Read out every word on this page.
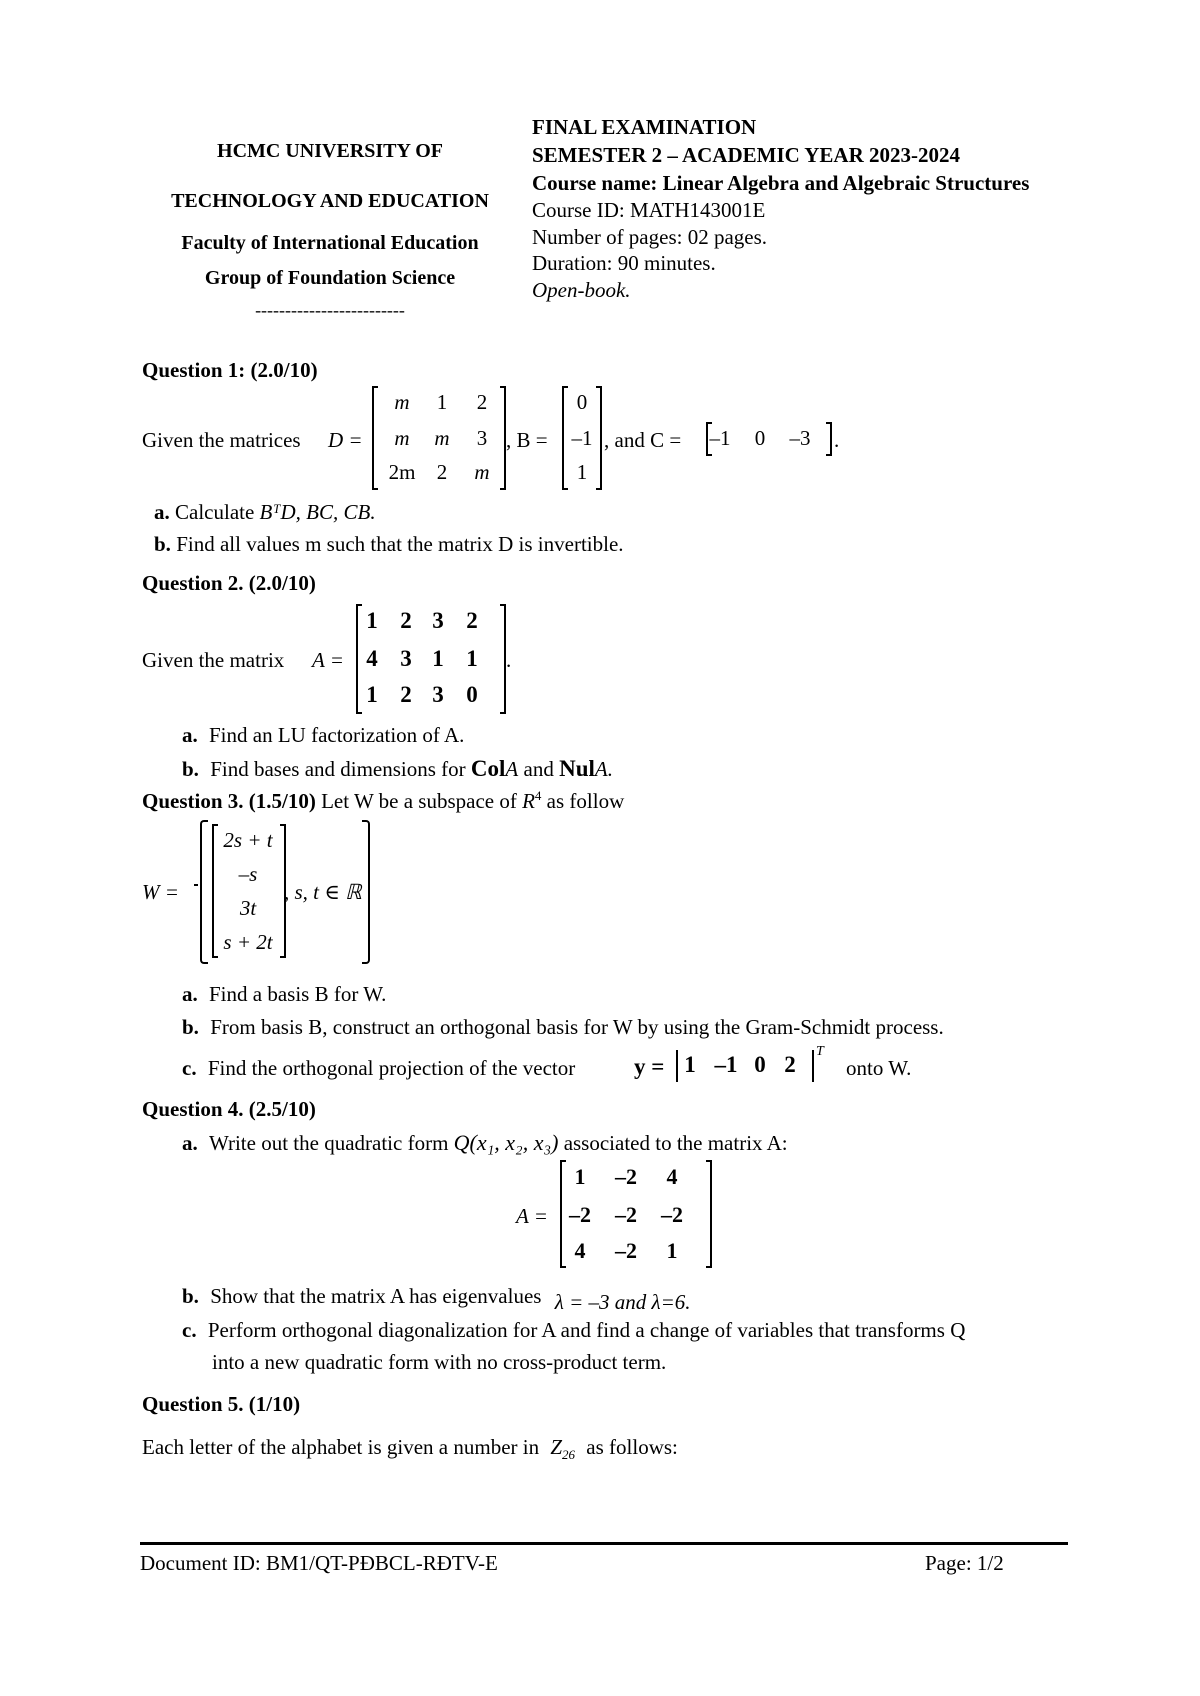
HCMC UNIVERSITY OF
TECHNOLOGY AND EDUCATION
Faculty of International Education
Group of Foundation Science
-------------------------
FINAL EXAMINATION
SEMESTER 2 – ACADEMIC YEAR 2023-2024
Course name: Linear Algebra and Algebraic Structures
Course ID: MATH143001E
Number of pages: 02 pages.
Duration: 90 minutes.
Open-book.
Question 1: (2.0/10)
Given the matrices D =
m	1	2
m	m	3
2m	2	m
, B =
0
–1
1
, and C =	–1	0	–3	.
a. Calculate BᵀD, BC, CB.
b. Find all values m such that the matrix D is invertible.
Question 2. (2.0/10)
Given the matrix A =
1 2 3 2
4 3 1 1
1 2 3 0
.
a. Find an LU factorization of A.
b. Find bases and dimensions for ColA and NulA.
Question 3. (1.5/10) Let W be a subspace of $R^4$ as follow
W =
2s + t
–s
3t
s + 2t
, s, t ∈ ℝ
a. Find a basis B for W.
b. From basis B, construct an orthogonal basis for W by using the Gram-Schmidt process.
c. Find the orthogonal projection of the vector	y = 1 –1 0 2
T
onto W.
Question 4. (2.5/10)
a. Write out the quadratic form Q(x₁, x₂, x₃) associated to the matrix A:
A =
1	–2	4
–2	–2	–2
4	–2	1
b. Show that the matrix A has eigenvalues λ = –3 and λ=6.
c. Perform orthogonal diagonalization for A and find a change of variables that transforms Q
into a new quadratic form with no cross-product term.
Question 5. (1/10)
Each letter of the alphabet is given a number in $Z_{26}$ as follows:
Document ID: BM1/QT-PĐBCL-RĐTV-E	Page: 1/2
